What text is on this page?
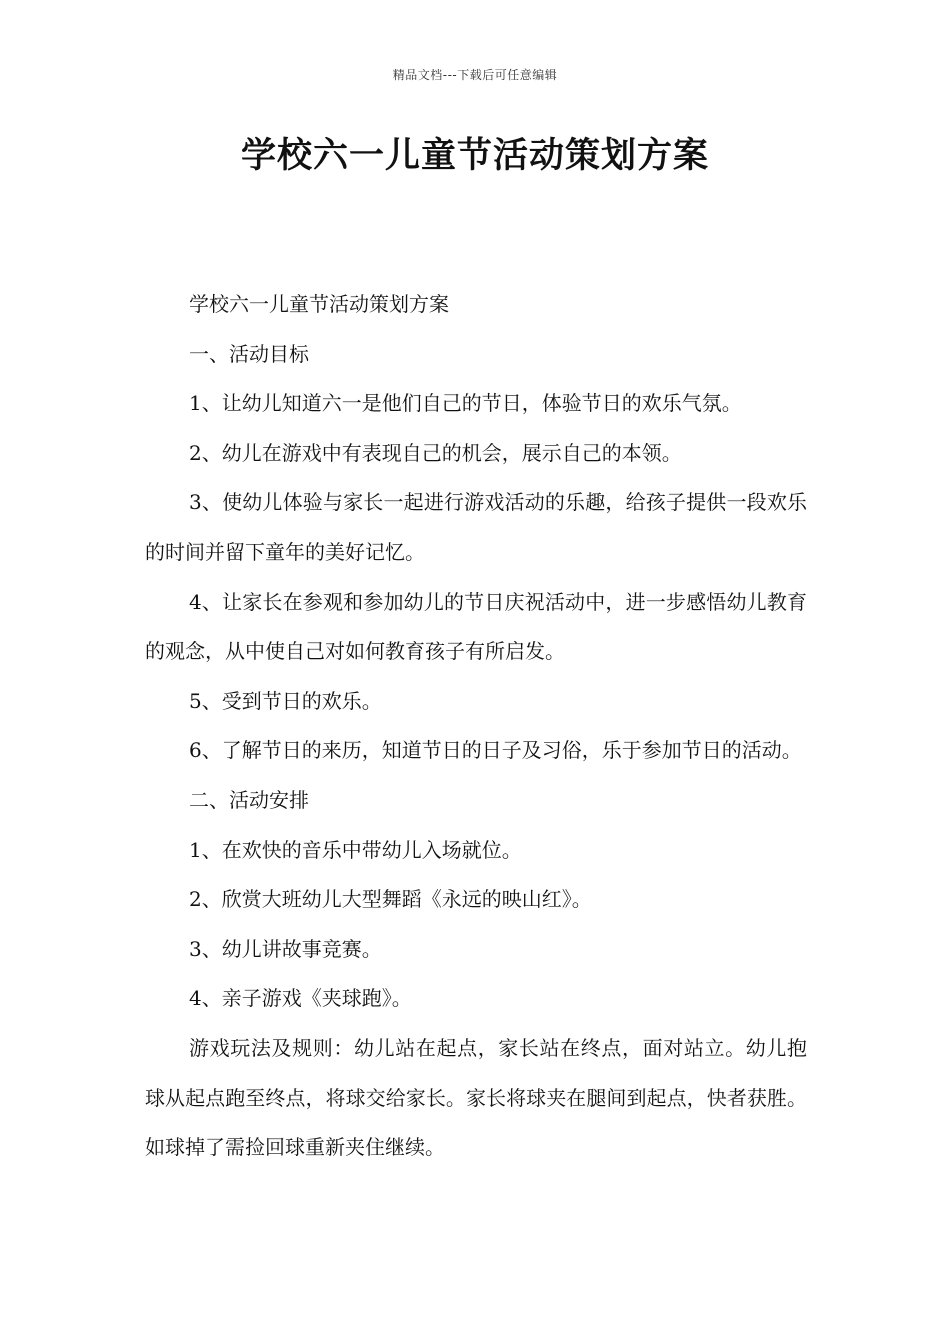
精品文档---下载后可任意编辑
学校六一儿童节活动策划方案

学校六一儿童节活动策划方案

一、活动目标

1、让幼儿知道六一是他们自己的节日，体验节日的欢乐气氛。

2、幼儿在游戏中有表现自己的机会，展示自己的本领。

3、使幼儿体验与家长一起进行游戏活动的乐趣，给孩子提供一段欢乐的时间并留下童年的美好记忆。

4、让家长在参观和参加幼儿的节日庆祝活动中，进一步感悟幼儿教育的观念，从中使自己对如何教育孩子有所启发。

5、受到节日的欢乐。

6、了解节日的来历，知道节日的日子及习俗，乐于参加节日的活动。

二、活动安排

1、在欢快的音乐中带幼儿入场就位。

2、欣赏大班幼儿大型舞蹈《永远的映山红》。

3、幼儿讲故事竞赛。

4、亲子游戏《夹球跑》。

游戏玩法及规则：幼儿站在起点，家长站在终点，面对站立。幼儿抱球从起点跑至终点，将球交给家长。家长将球夹在腿间到起点，快者获胜。如球掉了需捡回球重新夹住继续。
